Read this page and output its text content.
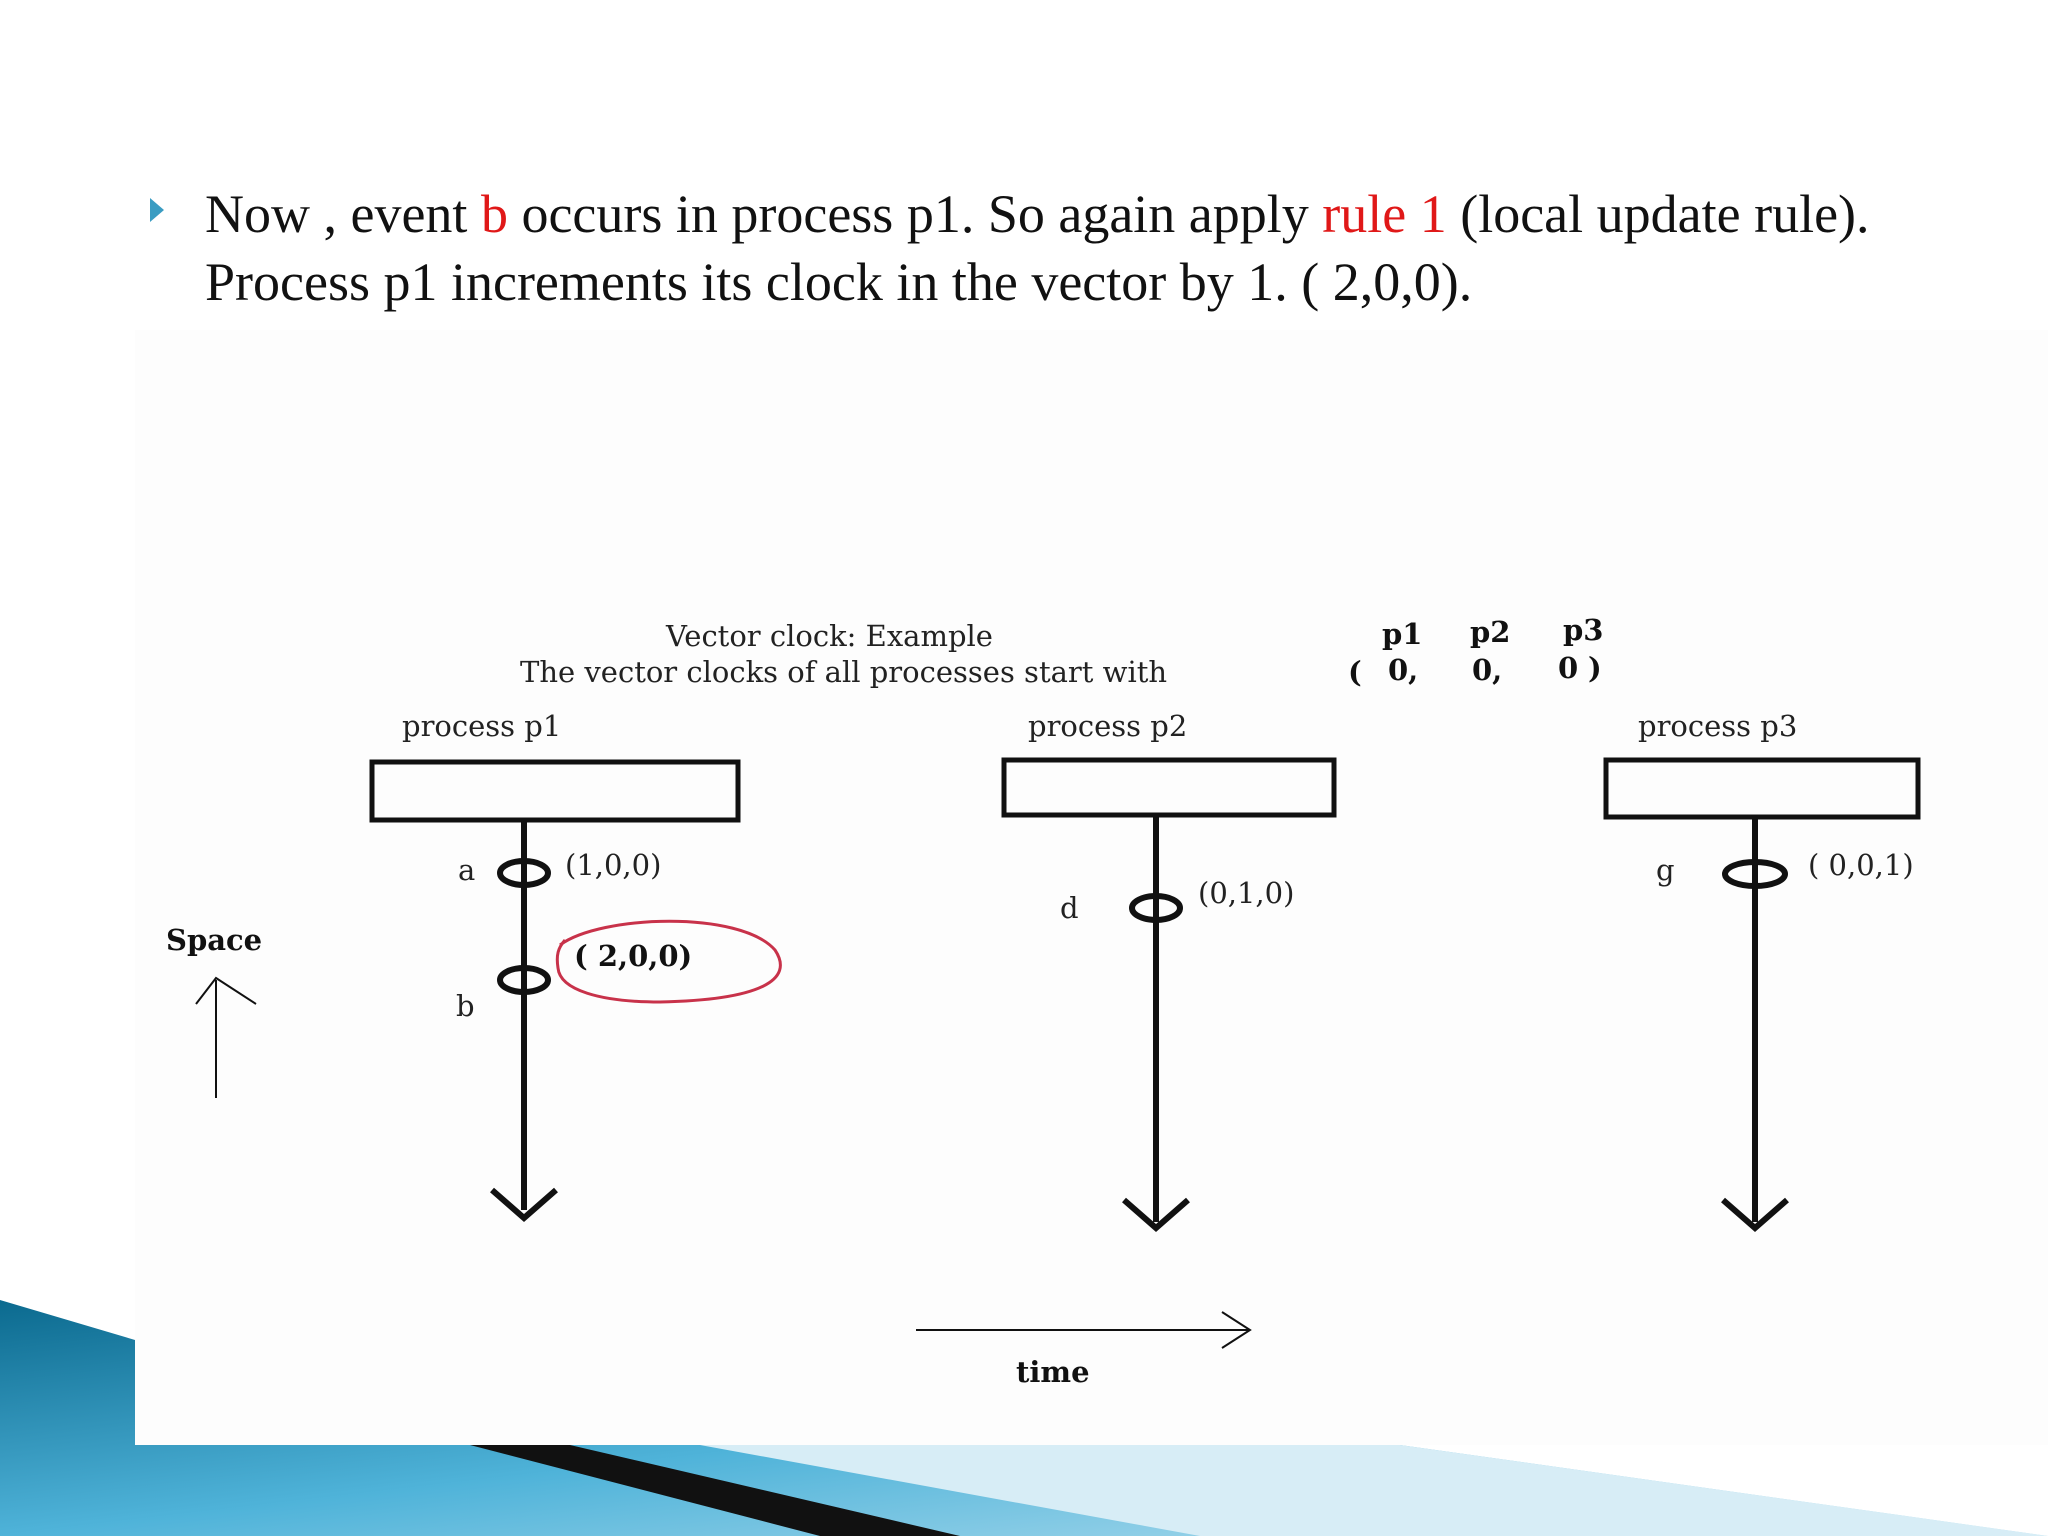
Now , event b occurs in process p1. So again apply rule 1 (local update rule). Process p1 increments its clock in the vector by 1. ( 2,0,0).
Vector clock: Example
The vector clocks of all processes start with	(
p1 p2 p3
0, 0, 0 )
process p1	process p2	process p3
a	(1,0,0)
b
( 2,0,0)
d	(0,1,0)
g	( 0,0,1)
Space
time
